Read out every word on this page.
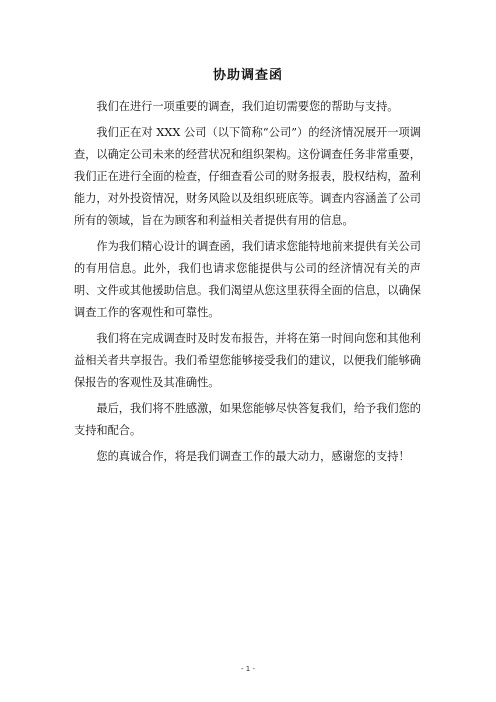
协助调查函

我们在进行一项重要的调查，我们迫切需要您的帮助与支持。

我们正在对 XXX 公司（以下简称“公司”）的经济情况展开一项调查，以确定公司未来的经营状况和组织架构。这份调查任务非常重要，我们正在进行全面的检查，仔细查看公司的财务报表，股权结构，盈利能力，对外投资情况，财务风险以及组织班底等。调查内容涵盖了公司所有的领域，旨在为顾客和利益相关者提供有用的信息。

作为我们精心设计的调查函，我们请求您能特地前来提供有关公司的有用信息。此外，我们也请求您能提供与公司的经济情况有关的声明、文件或其他援助信息。我们渴望从您这里获得全面的信息，以确保调查工作的客观性和可靠性。

我们将在完成调查时及时发布报告，并将在第一时间向您和其他利益相关者共享报告。我们希望您能够接受我们的建议，以便我们能够确保报告的客观性及其准确性。

最后，我们将不胜感激，如果您能够尽快答复我们，给予我们您的支持和配合。

您的真诚合作，将是我们调查工作的最大动力，感谢您的支持！

- 1 -
